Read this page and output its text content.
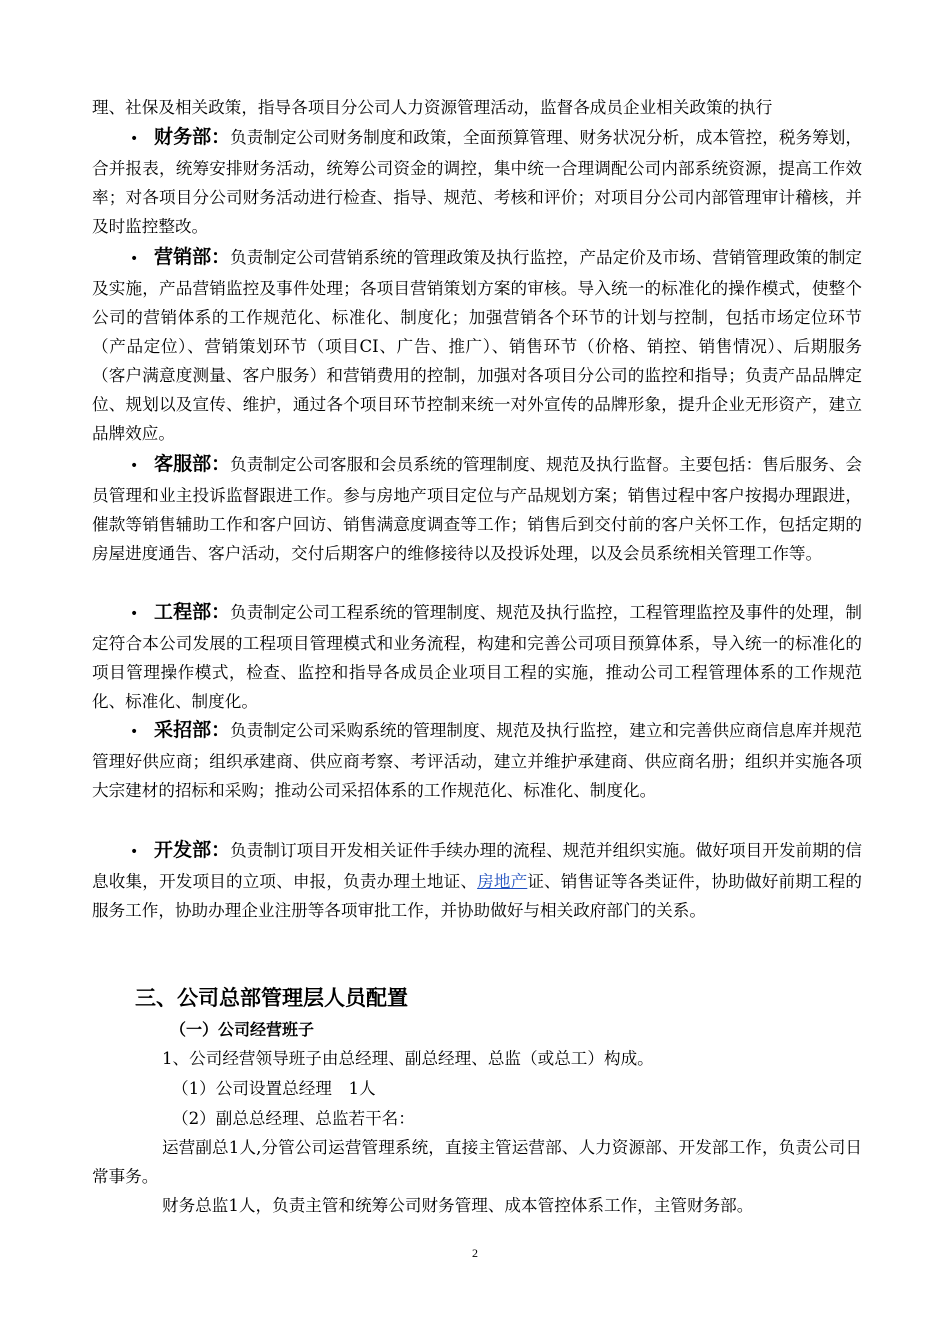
理、社保及相关政策，指导各项目分公司人力资源管理活动，监督各成员企业相关政策的执行
• 财务部：负责制定公司财务制度和政策，全面预算管理、财务状况分析，成本管控，税务筹划，合并报表，统筹安排财务活动，统筹公司资金的调控，集中统一合理调配公司内部系统资源，提高工作效率；对各项目分公司财务活动进行检查、指导、规范、考核和评价；对项目分公司内部管理审计稽核，并及时监控整改。
• 营销部：负责制定公司营销系统的管理政策及执行监控，产品定价及市场、营销管理政策的制定及实施，产品营销监控及事件处理；各项目营销策划方案的审核。导入统一的标准化的操作模式，使整个公司的营销体系的工作规范化、标准化、制度化；加强营销各个环节的计划与控制，包括市场定位环节（产品定位）、营销策划环节（项目CI、广告、推广）、销售环节（价格、销控、销售情况）、后期服务（客户满意度测量、客户服务）和营销费用的控制，加强对各项目分公司的监控和指导；负责产品品牌定位、规划以及宣传、维护，通过各个项目环节控制来统一对外宣传的品牌形象，提升企业无形资产，建立品牌效应。
• 客服部：负责制定公司客服和会员系统的管理制度、规范及执行监督。主要包括：售后服务、会员管理和业主投诉监督跟进工作。参与房地产项目定位与产品规划方案；销售过程中客户按揭办理跟进，催款等销售辅助工作和客户回访、销售满意度调查等工作；销售后到交付前的客户关怀工作，包括定期的房屋进度通告、客户活动，交付后期客户的维修接待以及投诉处理，以及会员系统相关管理工作等。
• 工程部：负责制定公司工程系统的管理制度、规范及执行监控，工程管理监控及事件的处理，制定符合本公司发展的工程项目管理模式和业务流程，构建和完善公司项目预算体系，导入统一的标准化的项目管理操作模式，检查、监控和指导各成员企业项目工程的实施，推动公司工程管理体系的工作规范化、标准化、制度化。
• 采招部：负责制定公司采购系统的管理制度、规范及执行监控，建立和完善供应商信息库并规范管理好供应商；组织承建商、供应商考察、考评活动，建立并维护承建商、供应商名册；组织并实施各项大宗建材的招标和采购；推动公司采招体系的工作规范化、标准化、制度化。
• 开发部：负责制订项目开发相关证件手续办理的流程、规范并组织实施。做好项目开发前期的信息收集，开发项目的立项、申报，负责办理土地证、房地产证、销售证等各类证件，协助做好前期工程的服务工作，协助办理企业注册等各项审批工作，并协助做好与相关政府部门的关系。
三、公司总部管理层人员配置
（一）公司经营班子
1、公司经营领导班子由总经理、副总经理、总监（或总工）构成。
（1）公司设置总经理　1人
（2）副总总经理、总监若干名：
运营副总1人,分管公司运营管理系统，直接主管运营部、人力资源部、开发部工作，负责公司日常事务。
财务总监1人，负责主管和统筹公司财务管理、成本管控体系工作，主管财务部。
2
